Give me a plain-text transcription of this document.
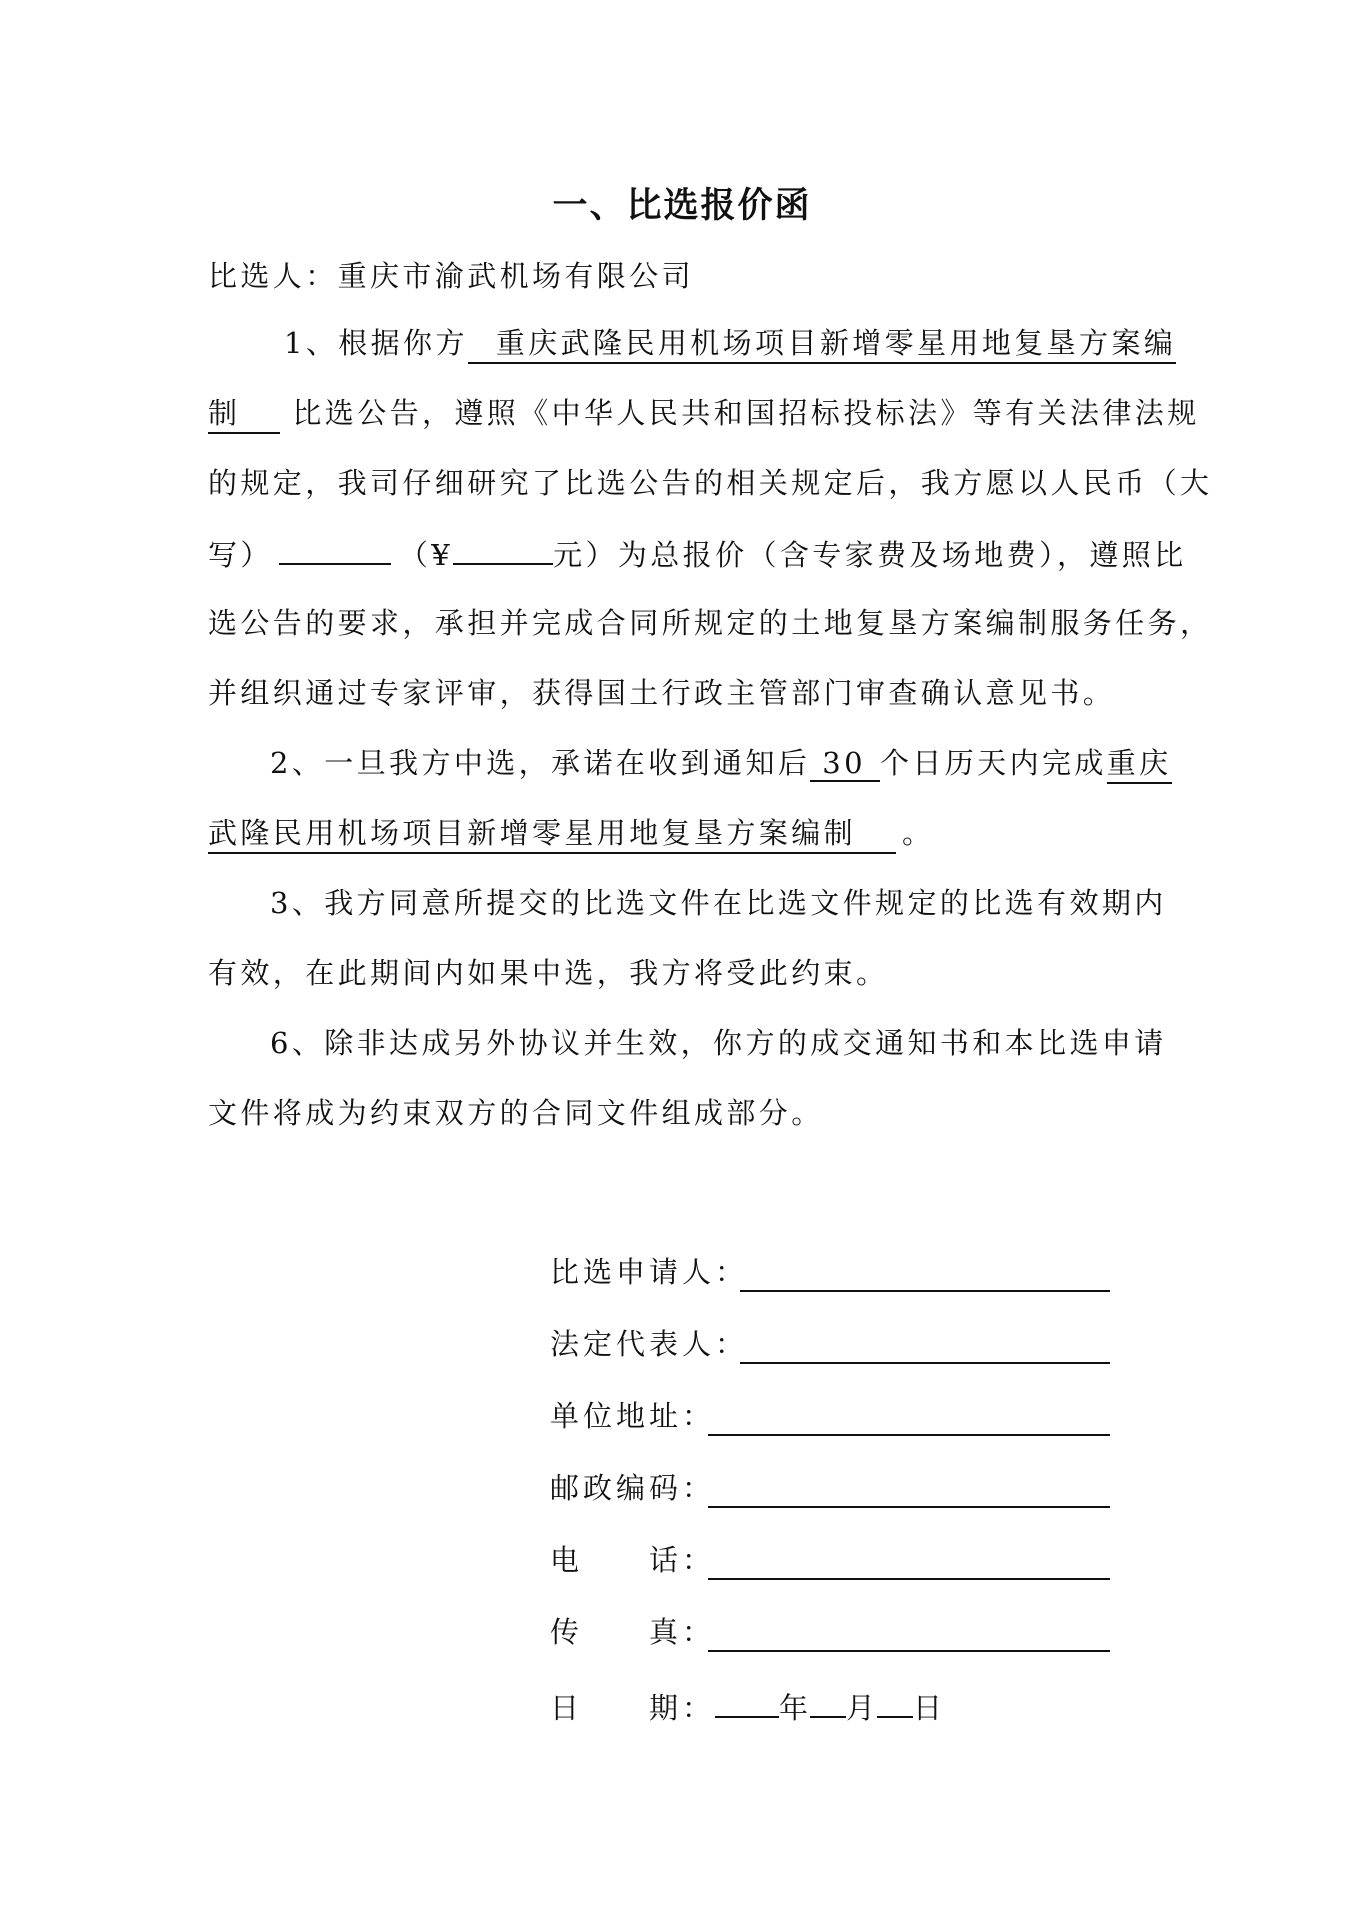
一、比选报价函
比选人：重庆市渝武机场有限公司
1、根据你方 重庆武隆民用机场项目新增零星用地复垦方案编
制 比选公告，遵照《中华人民共和国招标投标法》等有关法律法规
的规定，我司仔细研究了比选公告的相关规定后，我方愿以人民币（大
写）	（¥	元）为总报价（含专家费及场地费），遵照比
选公告的要求，承担并完成合同所规定的土地复垦方案编制服务任务，
并组织通过专家评审，获得国土行政主管部门审查确认意见书。
2、一旦我方中选，承诺在收到通知后 30 个日历天内完成重庆
武隆民用机场项目新增零星用地复垦方案编制 。
3、我方同意所提交的比选文件在比选文件规定的比选有效期内
有效，在此期间内如果中选，我方将受此约束。
6、除非达成另外协议并生效，你方的成交通知书和本比选申请
文件将成为约束双方的合同文件组成部分。
比选申请人：
法定代表人：
单位地址：
邮政编码：
电　　话：
传　　真：
日　　期： 年 月 日
